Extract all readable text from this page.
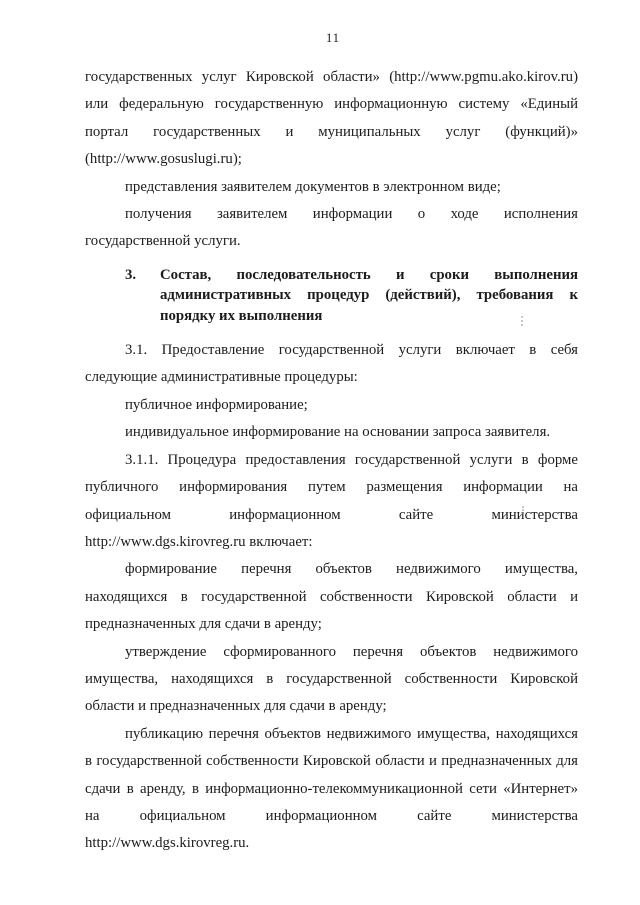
11
государственных услуг Кировской области» (http://www.pgmu.ako.kirov.ru)
или федеральную государственную информационную систему «Единый
портал государственных и муниципальных услуг (функций)»
(http://www.gosuslugi.ru);
представления заявителем документов в электронном виде;
получения заявителем информации о ходе исполнения
государственной услуги.
3. Состав, последовательность и сроки выполнения
административных процедур (действий), требования к
порядку их выполнения
3.1. Предоставление государственной услуги включает в себя
следующие административные процедуры:
публичное информирование;
индивидуальное информирование на основании запроса заявителя.
3.1.1. Процедура предоставления государственной услуги в форме
публичного информирования путем размещения информации на
официальном информационном сайте министерства
http://www.dgs.kirovreg.ru включает:
формирование перечня объектов недвижимого имущества,
находящихся в государственной собственности Кировской области и
предназначенных для сдачи в аренду;
утверждение сформированного перечня объектов недвижимого
имущества, находящихся в государственной собственности Кировской
области и предназначенных для сдачи в аренду;
публикацию перечня объектов недвижимого имущества, находящихся
в государственной собственности Кировской области и предназначенных для
сдачи в аренду, в информационно-телекоммуникационной сети «Интернет»
на официальном информационном сайте министерства
http://www.dgs.kirovreg.ru.
